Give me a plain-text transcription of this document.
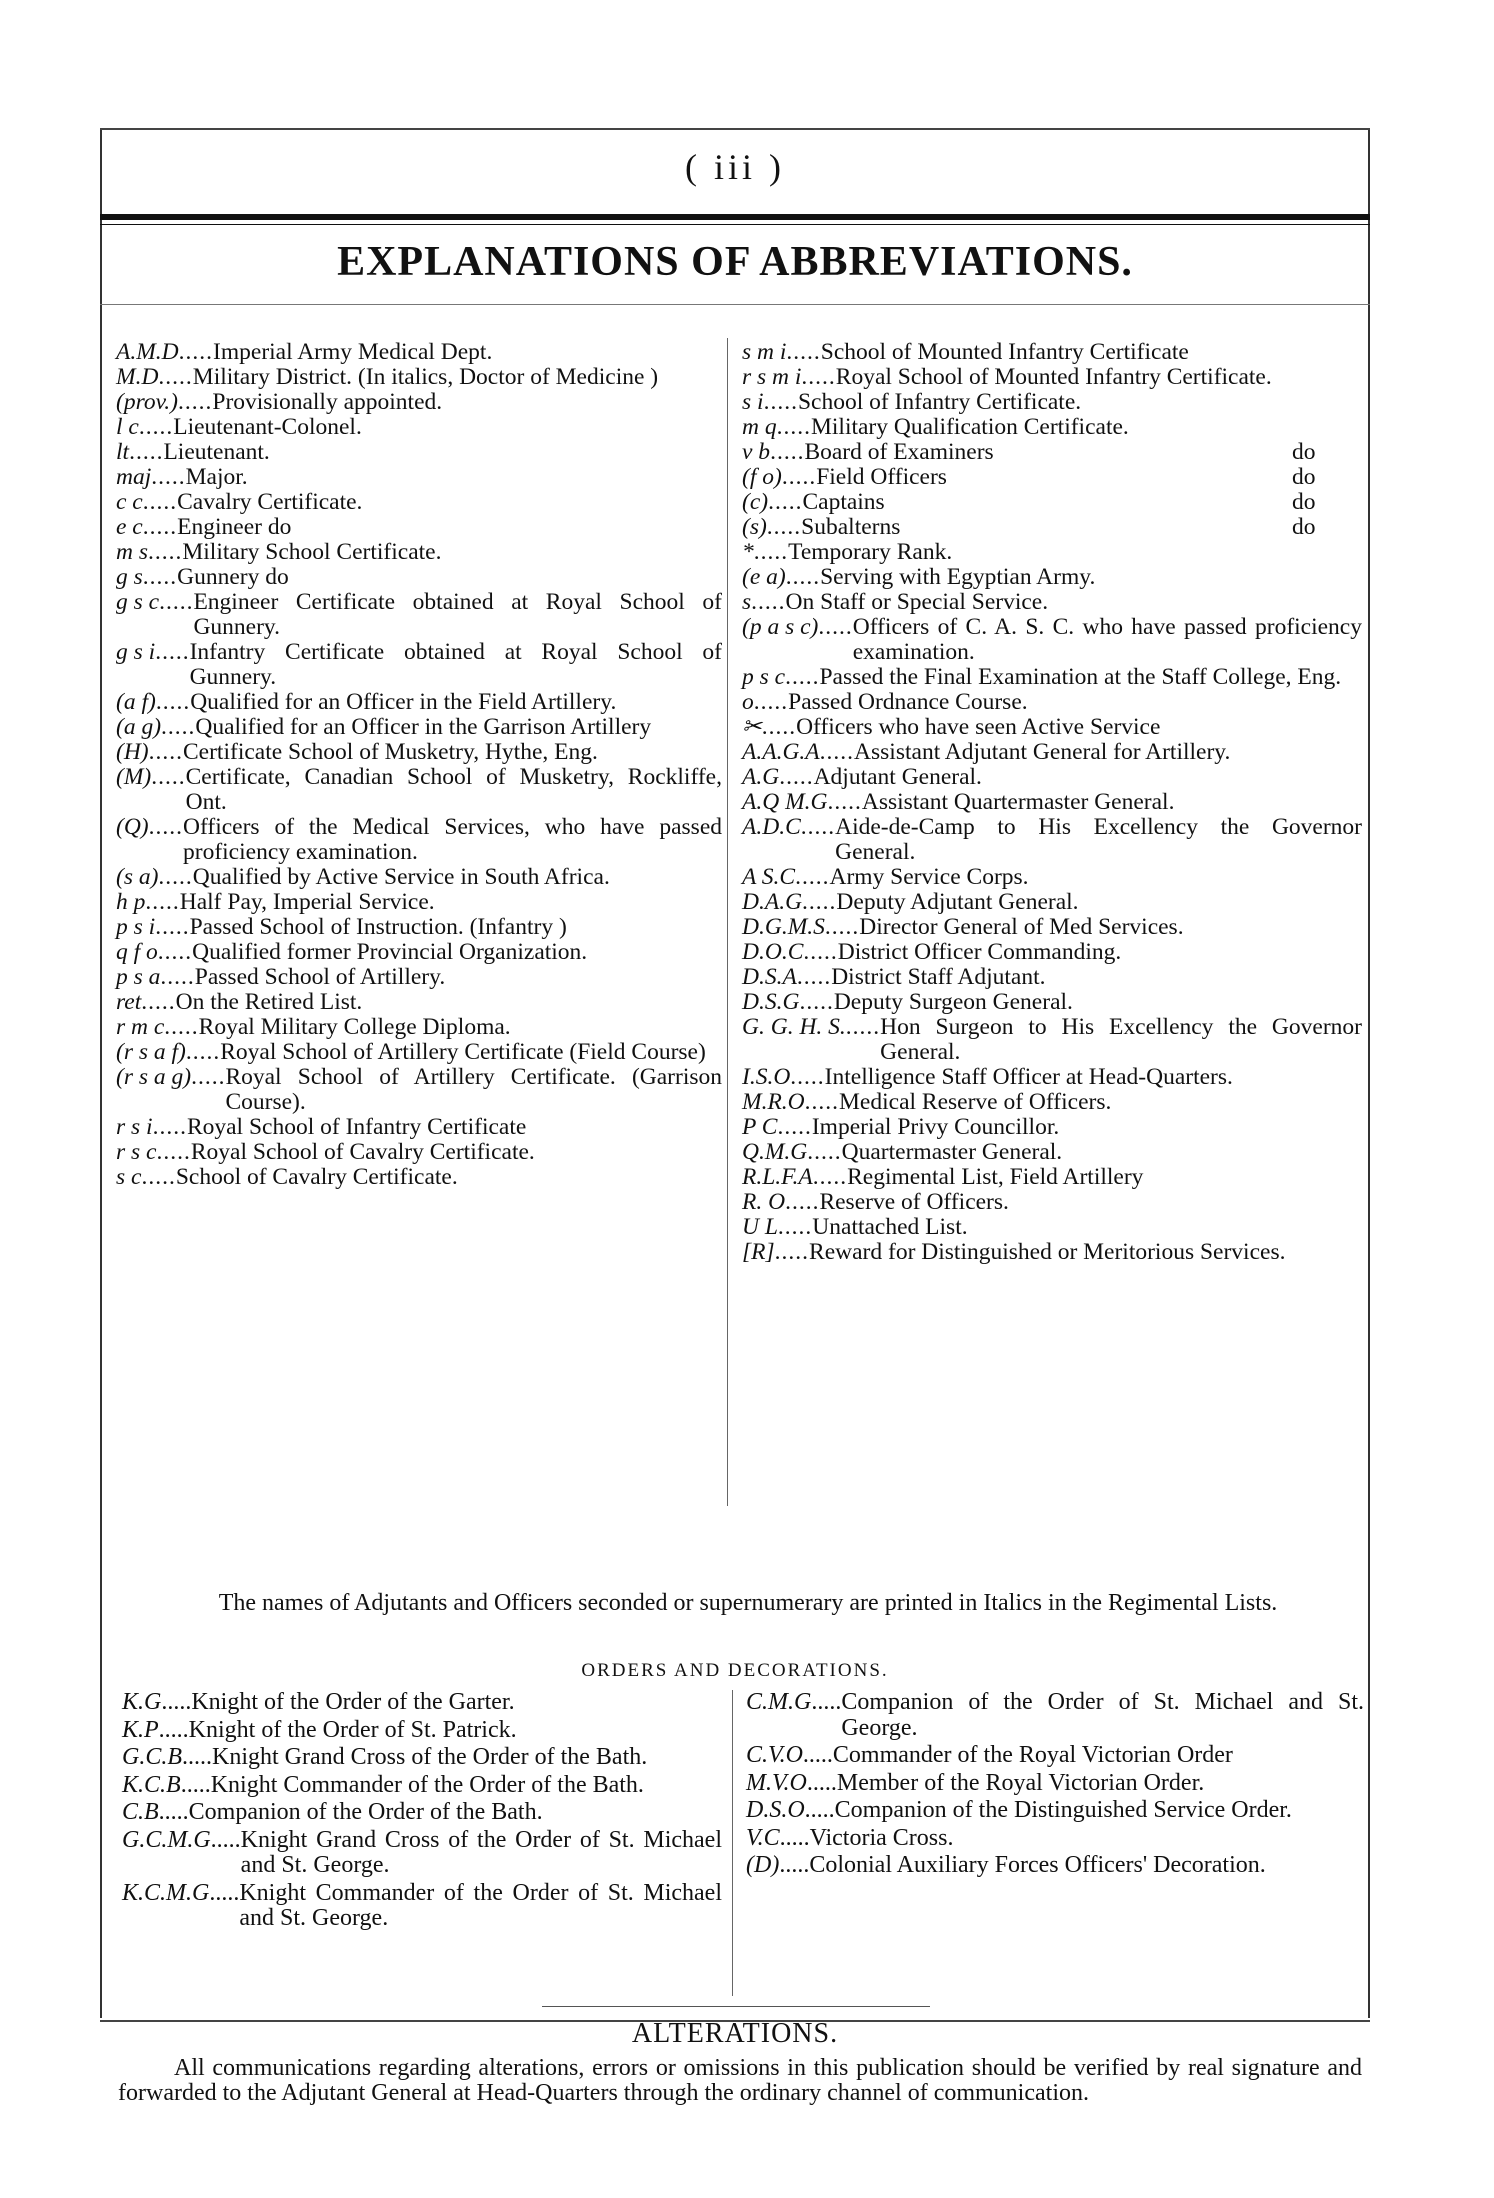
( iii )
EXPLANATIONS OF ABBREVIATIONS.
A.M.D ..... Imperial Army Medical Dept.
M.D ..... Military District. (In italics, Doctor of Medicine )
(prov.) ..... Provisionally appointed.
l c ..... Lieutenant-Colonel.
lt ..... Lieutenant.
maj ..... Major.
c c ..... Cavalry Certificate.
e c ..... Engineer do
m s ..... Military School Certificate.
g s ..... Gunnery do
g s c ..... Engineer Certificate obtained at Royal School of Gunnery.
g s i ..... Infantry Certificate obtained at Royal School of Gunnery.
(a f) ..... Qualified for an Officer in the Field Artillery.
(a g) ..... Qualified for an Officer in the Garrison Artillery
(H) ..... Certificate School of Musketry, Hythe, Eng.
(M) ..... Certificate, Canadian School of Musketry, Rockliffe, Ont.
(Q) ..... Officers of the Medical Services, who have passed proficiency examination.
(s a) ..... Qualified by Active Service in South Africa.
h p ..... Half Pay, Imperial Service.
p s i ..... Passed School of Instruction. (Infantry )
q f o ..... Qualified former Provincial Organization.
p s a ..... Passed School of Artillery.
ret ..... On the Retired List.
r m c ..... Royal Military College Diploma.
(r s a f) ..... Royal School of Artillery Certificate (Field Course)
(r s a g) ..... Royal School of Artillery Certificate. (Garrison Course).
r s i ..... Royal School of Infantry Certificate
r s c ..... Royal School of Cavalry Certificate.
s c ..... School of Cavalry Certificate.
s m i ..... School of Mounted Infantry Certificate
r s m i ..... Royal School of Mounted Infantry Certificate.
s i ..... School of Infantry Certificate.
m q ..... Military Qualification Certificate.
v b ..... Board of Examiners	do
(f o) ..... Field Officers	do
(c) ..... Captains	do
(s) ..... Subalterns	do
* ..... Temporary Rank.
(e a) ..... Serving with Egyptian Army.
s ..... On Staff or Special Service.
(p a s c) ..... Officers of C. A. S. C. who have passed proficiency examination.
p s c ..... Passed the Final Examination at the Staff College, Eng.
o ..... Passed Ordnance Course.
✂ ..... Officers who have seen Active Service
A.A.G.A ..... Assistant Adjutant General for Artillery.
A.G ..... Adjutant General.
A.Q M.G ..... Assistant Quartermaster General.
A.D.C ..... Aide-de-Camp to His Excellency the Governor General.
A S.C ..... Army Service Corps.
D.A.G ..... Deputy Adjutant General.
D.G.M.S ..... Director General of Med Services.
D.O.C ..... District Officer Commanding.
D.S.A ..... District Staff Adjutant.
D.S.G ..... Deputy Surgeon General.
G. G. H. S. ..... Hon Surgeon to His Excellency the Governor General.
I.S.O ..... Intelligence Staff Officer at Head-Quarters.
M.R.O ..... Medical Reserve of Officers.
P C ..... Imperial Privy Councillor.
Q.M.G ..... Quartermaster General.
R.L.F.A ..... Regimental List, Field Artillery
R. O ..... Reserve of Officers.
U L ..... Unattached List.
[R] ..... Reward for Distinguished or Meritorious Services.
The names of Adjutants and Officers seconded or supernumerary are printed in Italics in the Regimental Lists.
ORDERS AND DECORATIONS.
K.G ..... Knight of the Order of the Garter.
K.P ..... Knight of the Order of St. Patrick.
G.C.B ..... Knight Grand Cross of the Order of the Bath.
K.C.B ..... Knight Commander of the Order of the Bath.
C.B ..... Companion of the Order of the Bath.
G.C.M.G ..... Knight Grand Cross of the Order of St. Michael and St. George.
K.C.M.G ..... Knight Commander of the Order of St. Michael and St. George.
C.M.G ..... Companion of the Order of St. Michael and St. George.
C.V.O ..... Commander of the Royal Victorian Order
M.V.O ..... Member of the Royal Victorian Order.
D.S.O ..... Companion of the Distinguished Service Order.
V.C ..... Victoria Cross.
(D) ..... Colonial Auxiliary Forces Officers' Decoration.
ALTERATIONS.
All communications regarding alterations, errors or omissions in this publication should be verified by real signature and forwarded to the Adjutant General at Head-Quarters through the ordinary channel of communication.
